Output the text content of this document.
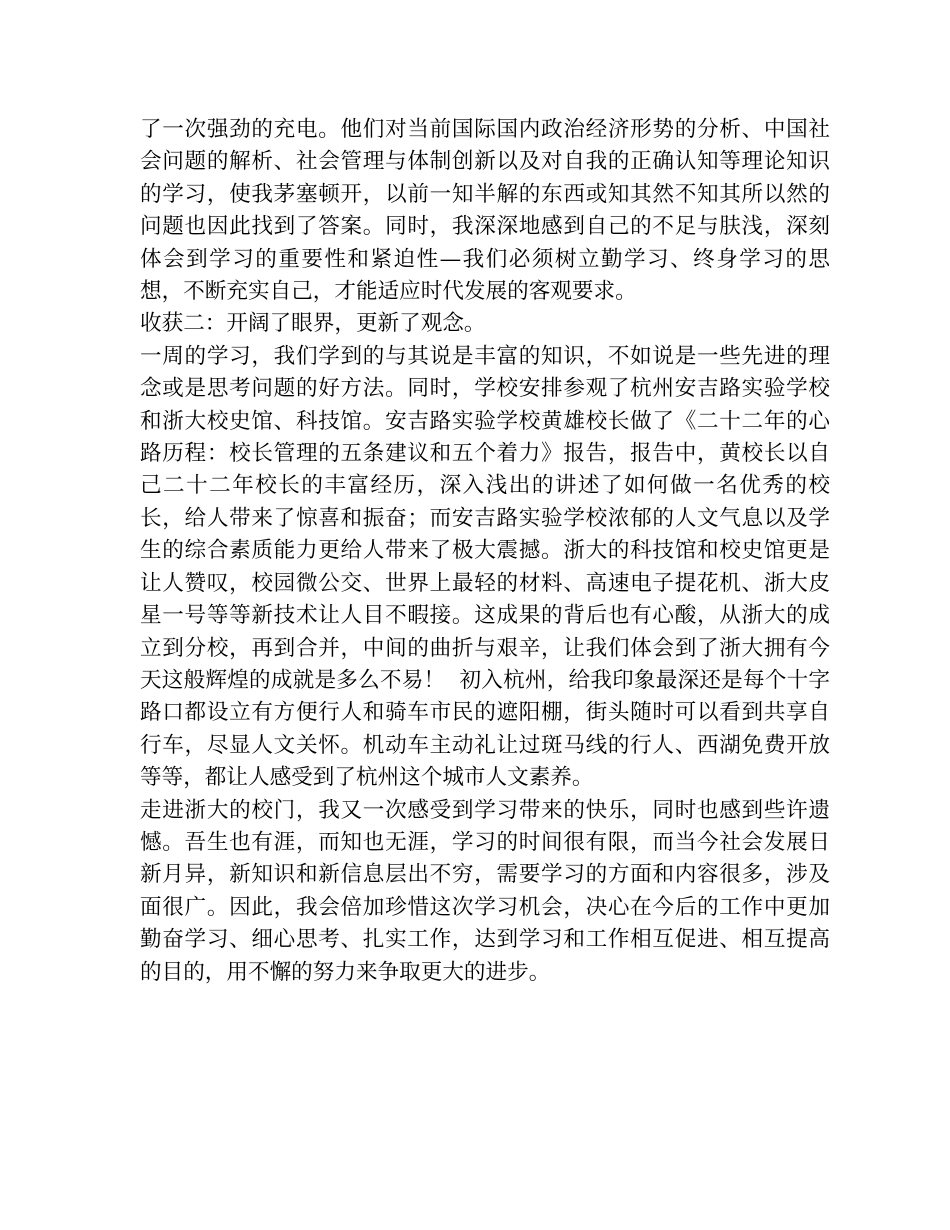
了一次强劲的充电。他们对当前国际国内政治经济形势的分析、中国社会问题的解析、社会管理与体制创新以及对自我的正确认知等理论知识的学习，使我茅塞顿开，以前一知半解的东西或知其然不知其所以然的问题也因此找到了答案。同时，我深深地感到自己的不足与肤浅，深刻体会到学习的重要性和紧迫性—我们必须树立勤学习、终身学习的思想，不断充实自己，才能适应时代发展的客观要求。

收获二：开阔了眼界，更新了观念。

一周的学习，我们学到的与其说是丰富的知识，不如说是一些先进的理念或是思考问题的好方法。同时，学校安排参观了杭州安吉路实验学校和浙大校史馆、科技馆。安吉路实验学校黄雄校长做了《二十二年的心路历程：校长管理的五条建议和五个着力》报告，报告中，黄校长以自己二十二年校长的丰富经历，深入浅出的讲述了如何做一名优秀的校长，给人带来了惊喜和振奋；而安吉路实验学校浓郁的人文气息以及学生的综合素质能力更给人带来了极大震撼。浙大的科技馆和校史馆更是让人赞叹，校园微公交、世界上最轻的材料、高速电子提花机、浙大皮星一号等等新技术让人目不暇接。这成果的背后也有心酸，从浙大的成立到分校，再到合并，中间的曲折与艰辛，让我们体会到了浙大拥有今天这般辉煌的成就是多么不易！  初入杭州，给我印象最深还是每个十字路口都设立有方便行人和骑车市民的遮阳棚，街头随时可以看到共享自行车，尽显人文关怀。机动车主动礼让过斑马线的行人、西湖免费开放等等，都让人感受到了杭州这个城市人文素养。

走进浙大的校门，我又一次感受到学习带来的快乐，同时也感到些许遗憾。吾生也有涯，而知也无涯，学习的时间很有限，而当今社会发展日新月异，新知识和新信息层出不穷，需要学习的方面和内容很多，涉及面很广。因此，我会倍加珍惜这次学习机会，决心在今后的工作中更加勤奋学习、细心思考、扎实工作，达到学习和工作相互促进、相互提高的目的，用不懈的努力来争取更大的进步。
